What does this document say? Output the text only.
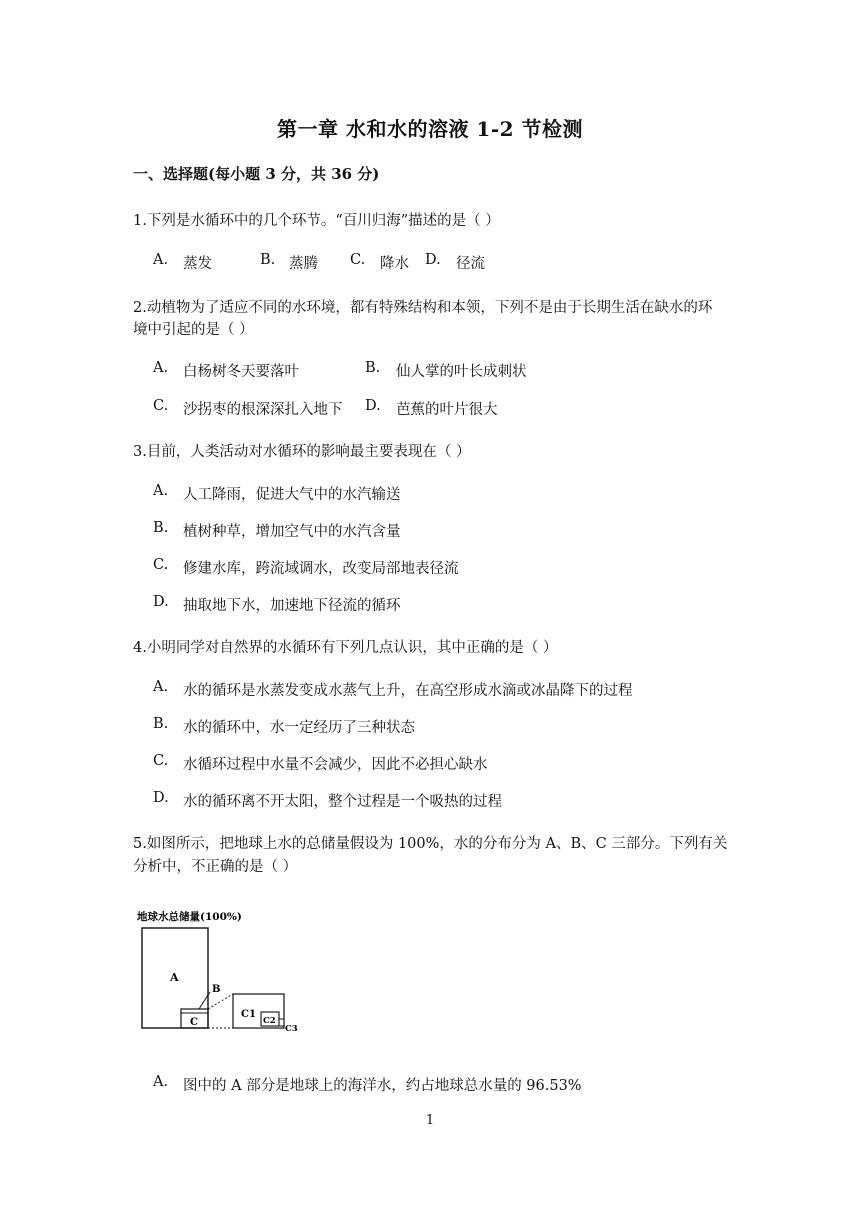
第一章 水和水的溶液 1-2 节检测
一、选择题(每小题 3 分，共 36 分)
1.下列是水循环中的几个环节。“百川归海”描述的是（ ）
A. 蒸发	B. 蒸腾 C. 降水 D. 径流
2.动植物为了适应不同的水环境，都有特殊结构和本领，下列不是由于长期生活在缺水的环
境中引起的是（ ）
A. 白杨树冬天要落叶	B. 仙人掌的叶长成刺状
C. 沙拐枣的根深深扎入地下 D. 芭蕉的叶片很大
3.目前，人类活动对水循环的影响最主要表现在（ ）
A. 人工降雨，促进大气中的水汽输送
B. 植树种草，增加空气中的水汽含量
C. 修建水库，跨流域调水，改变局部地表径流
D. 抽取地下水，加速地下径流的循环
4.小明同学对自然界的水循环有下列几点认识，其中正确的是（ ）
A. 水的循环是水蒸发变成水蒸气上升，在高空形成水滴或冰晶降下的过程
B. 水的循环中，水一定经历了三种状态
C. 水循环过程中水量不会减少，因此不必担心缺水
D. 水的循环离不开太阳，整个过程是一个吸热的过程
5.如图所示，把地球上水的总储量假设为 100%，水的分布分为 A、B、C 三部分。下列有关
分析中，不正确的是（ ）
地球水总储量(100%)
A
C
B
C1
C2
C3
A. 图中的 A 部分是地球上的海洋水，约占地球总水量的 96.53%
1
